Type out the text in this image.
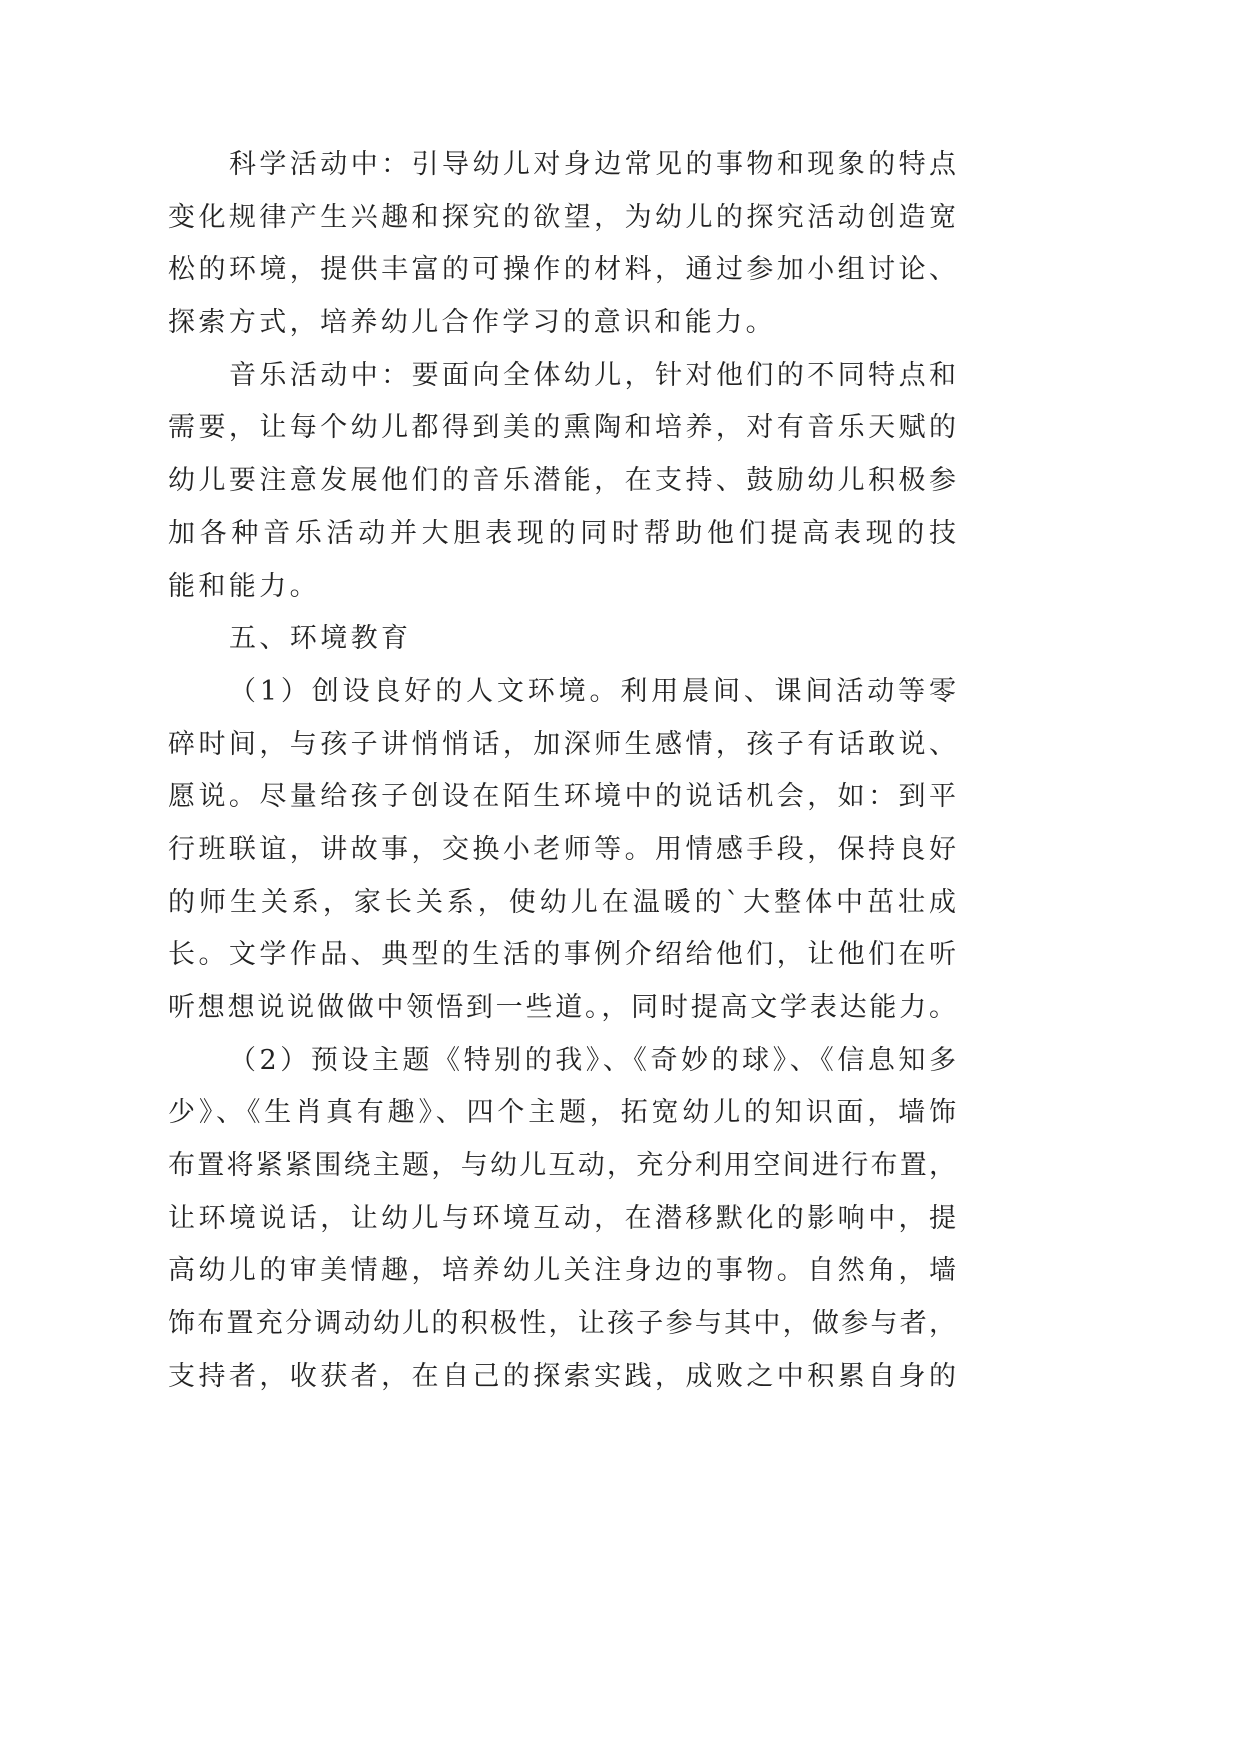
科学活动中：引导幼儿对身边常见的事物和现象的特点
变化规律产生兴趣和探究的欲望，为幼儿的探究活动创造宽
松的环境，提供丰富的可操作的材料，通过参加小组讨论、
探索方式，培养幼儿合作学习的意识和能力。
音乐活动中：要面向全体幼儿，针对他们的不同特点和
需要，让每个幼儿都得到美的熏陶和培养，对有音乐天赋的
幼儿要注意发展他们的音乐潜能，在支持、鼓励幼儿积极参
加各种音乐活动并大胆表现的同时帮助他们提高表现的技
能和能力。
五、环境教育
（1）创设良好的人文环境。利用晨间、课间活动等零
碎时间，与孩子讲悄悄话，加深师生感情，孩子有话敢说、
愿说。尽量给孩子创设在陌生环境中的说话机会，如：到平
行班联谊，讲故事，交换小老师等。用情感手段，保持良好
的师生关系，家长关系，使幼儿在温暖的`大整体中茁壮成
长。文学作品、典型的生活的事例介绍给他们，让他们在听
听想想说说做做中领悟到一些道。，同时提高文学表达能力。
（2）预设主题《特别的我》、《奇妙的球》、《信息知多
少》、《生肖真有趣》、四个主题，拓宽幼儿的知识面，墙饰
布置将紧紧围绕主题，与幼儿互动，充分利用空间进行布置，
让环境说话，让幼儿与环境互动，在潜移默化的影响中，提
高幼儿的审美情趣，培养幼儿关注身边的事物。自然角，墙
饰布置充分调动幼儿的积极性，让孩子参与其中，做参与者，
支持者，收获者，在自己的探索实践，成败之中积累自身的
